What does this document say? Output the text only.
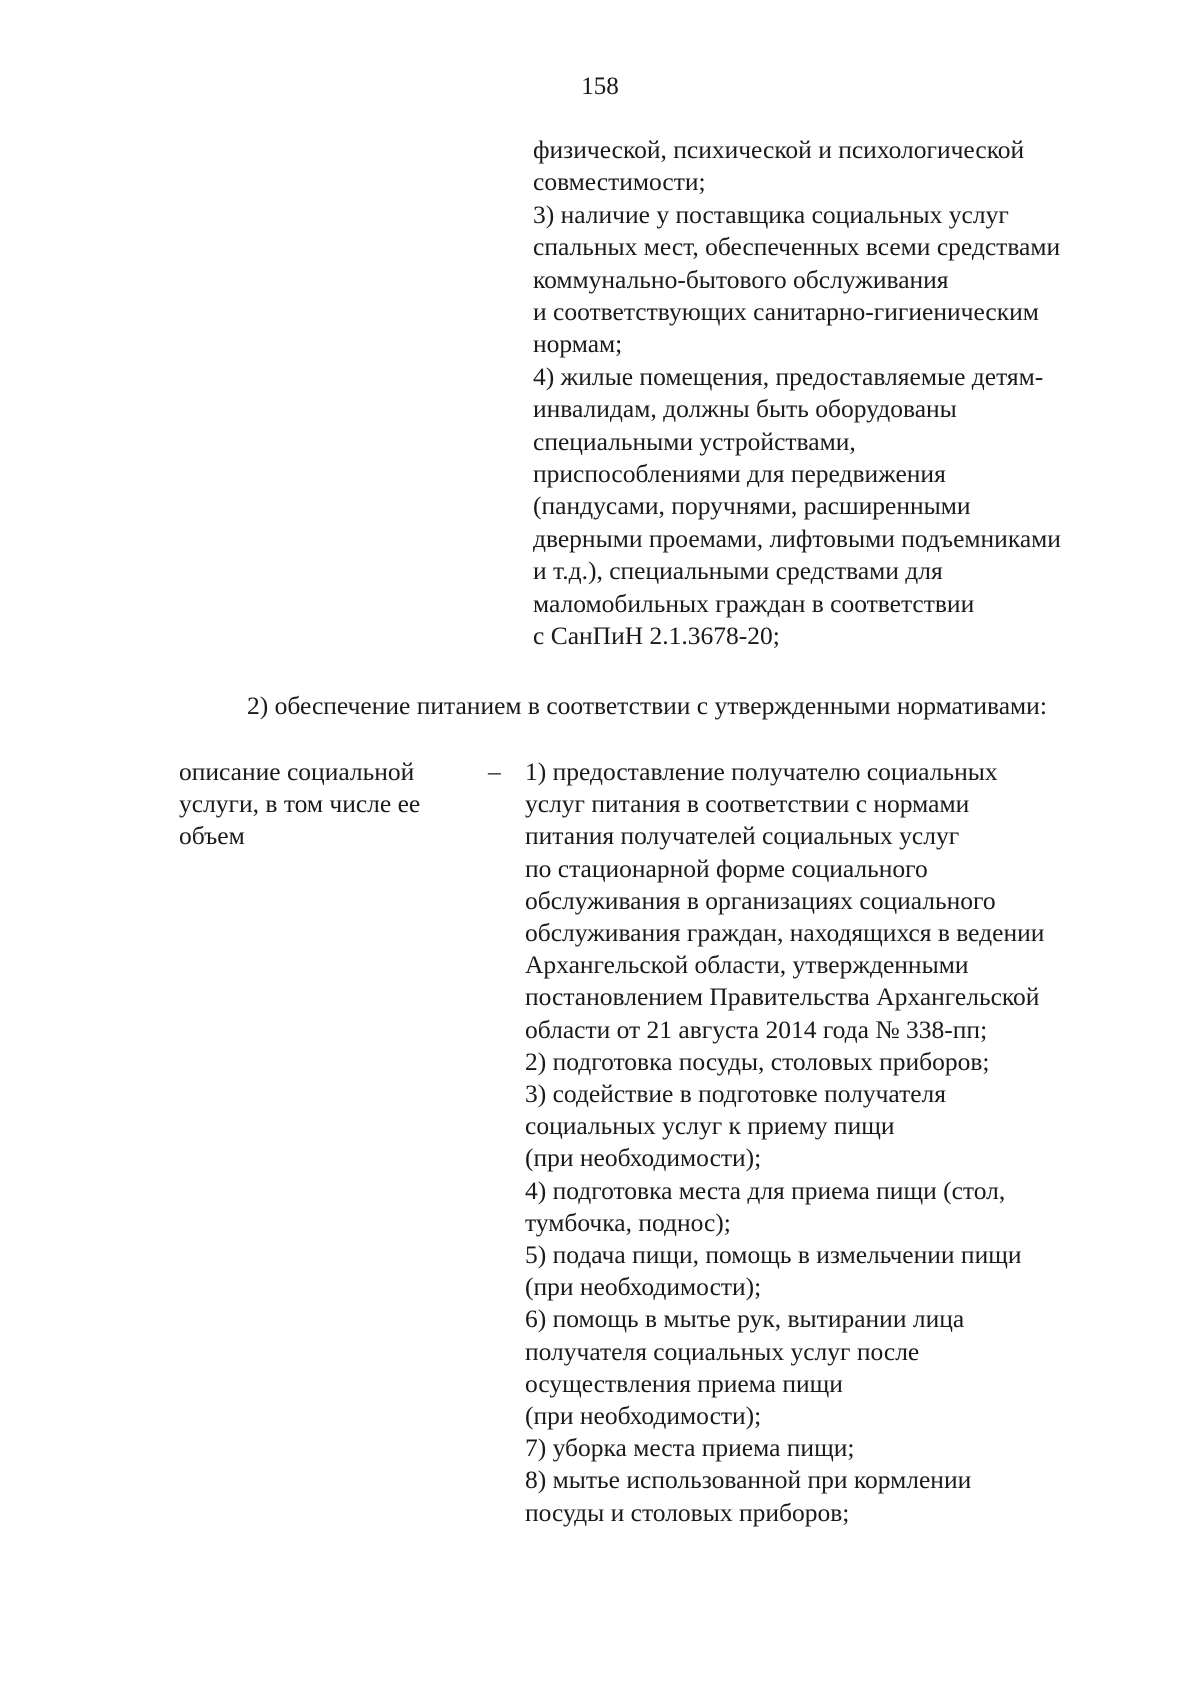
158
физической, психической и психологической
совместимости;
3) наличие у поставщика социальных услуг
спальных мест, обеспеченных всеми средствами
коммунально-бытового обслуживания
и соответствующих санитарно-гигиеническим
нормам;
4) жилые помещения, предоставляемые детям-
инвалидам, должны быть оборудованы
специальными устройствами,
приспособлениями для передвижения
(пандусами, поручнями, расширенными
дверными проемами, лифтовыми подъемниками
и т.д.), специальными средствами для
маломобильных граждан в соответствии
с СанПиН 2.1.3678-20;
2) обеспечение питанием в соответствии с утвержденными нормативами:
описание социальной
услуги, в том числе ее
объем
– 1) предоставление получателю социальных
услуг питания в соответствии с нормами
питания получателей социальных услуг
по стационарной форме социального
обслуживания в организациях социального
обслуживания граждан, находящихся в ведении
Архангельской области, утвержденными
постановлением Правительства Архангельской
области от 21 августа 2014 года № 338-пп;
2) подготовка посуды, столовых приборов;
3) содействие в подготовке получателя
социальных услуг к приему пищи
(при необходимости);
4) подготовка места для приема пищи (стол,
тумбочка, поднос);
5) подача пищи, помощь в измельчении пищи
(при необходимости);
6) помощь в мытье рук, вытирании лица
получателя социальных услуг после
осуществления приема пищи
(при необходимости);
7) уборка места приема пищи;
8) мытье использованной при кормлении
посуды и столовых приборов;
